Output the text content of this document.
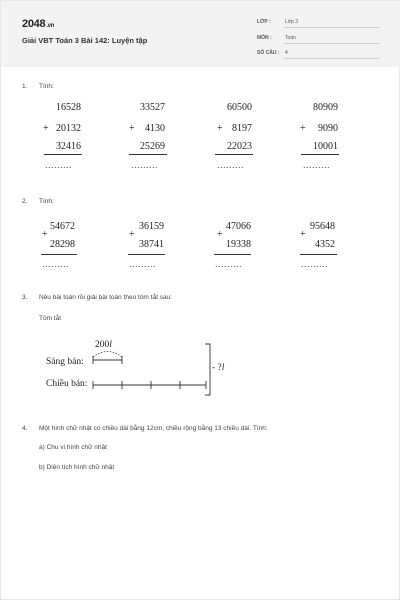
2048.vn
Giải VBT Toán 3 Bài 142: Luyện tập
LỚP :	Lớp 3
MÔN :	Toán
SỐ CÂU : 4
1. Tính:
16528
+ 20132
32416
.........
33527
+	4130
25269
.........
60500
+ 8197
22023
.........
80909
+	9090
10001
.........
2. Tính:
54672
+
28298
.........
36159
+
38741
.........
47066
+
19338
.........
95648
+
4352
.........
3. Nêu bài toán rồi giải bài toán theo tóm tắt sau:
Tóm tắt
200l
Sáng bán:
Chiều bán:
- ?l
4. Một hình chữ nhật có chiều dài bằng 12cm, chiều rộng bằng 13 chiều dài. Tính:
a) Chu vi hình chữ nhật
b) Diện tích hình chữ nhật
